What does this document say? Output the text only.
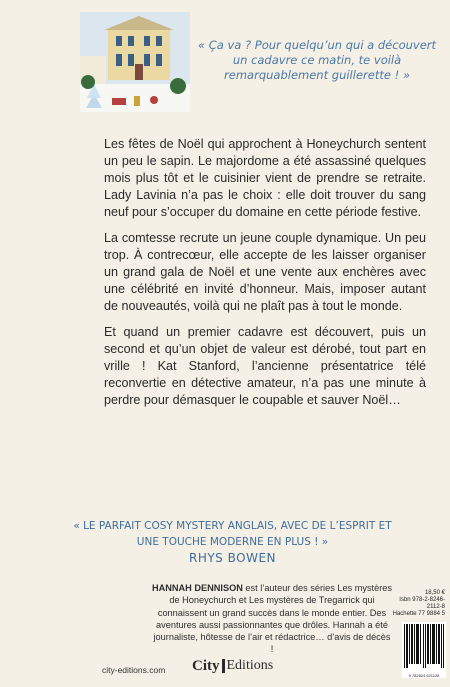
« Ça va ? Pour quelqu’un qui a découvert un cadavre ce matin, te voilà remarquablement guillerette ! »

Les fêtes de Noël qui approchent à Honeychurch sentent un peu le sapin. Le majordome a été assassiné quelques mois plus tôt et le cuisinier vient de prendre se retraite. Lady Lavinia n’a pas le choix : elle doit trouver du sang neuf pour s’occuper du domaine en cette période festive.

La comtesse recrute un jeune couple dynamique. Un peu trop. À contrecœur, elle accepte de les laisser organiser un grand gala de Noël et une vente aux enchères avec une célébrité en invité d’honneur. Mais, imposer autant de nouveautés, voilà qui ne plaît pas à tout le monde.

Et quand un premier cadavre est découvert, puis un second et qu’un objet de valeur est dérobé, tout part en vrille ! Kat Stanford, l’ancienne présentatrice télé reconvertie en détective amateur, n’a pas une minute à perdre pour démasquer le coupable et sauver Noël…

« LE PARFAIT COSY MYSTERY ANGLAIS, AVEC DE L’ESPRIT ET UNE TOUCHE MODERNE EN PLUS ! »
RHYS BOWEN
HANNAH DENNISON est l’auteur des séries Les mystères de Honeychurch et Les mystères de Tregarrick qui connaissent un grand succès dans le monde entier. Des aventures aussi passionnantes que drôles. Hannah a été journaliste, hôtesse de l’air et rédactrice… d’avis de décès !
city-editions.com City Editions
18,50 €
Isbn 978-2-8246-2112-8
Hachette 77 9884 5
9 782824 621128
